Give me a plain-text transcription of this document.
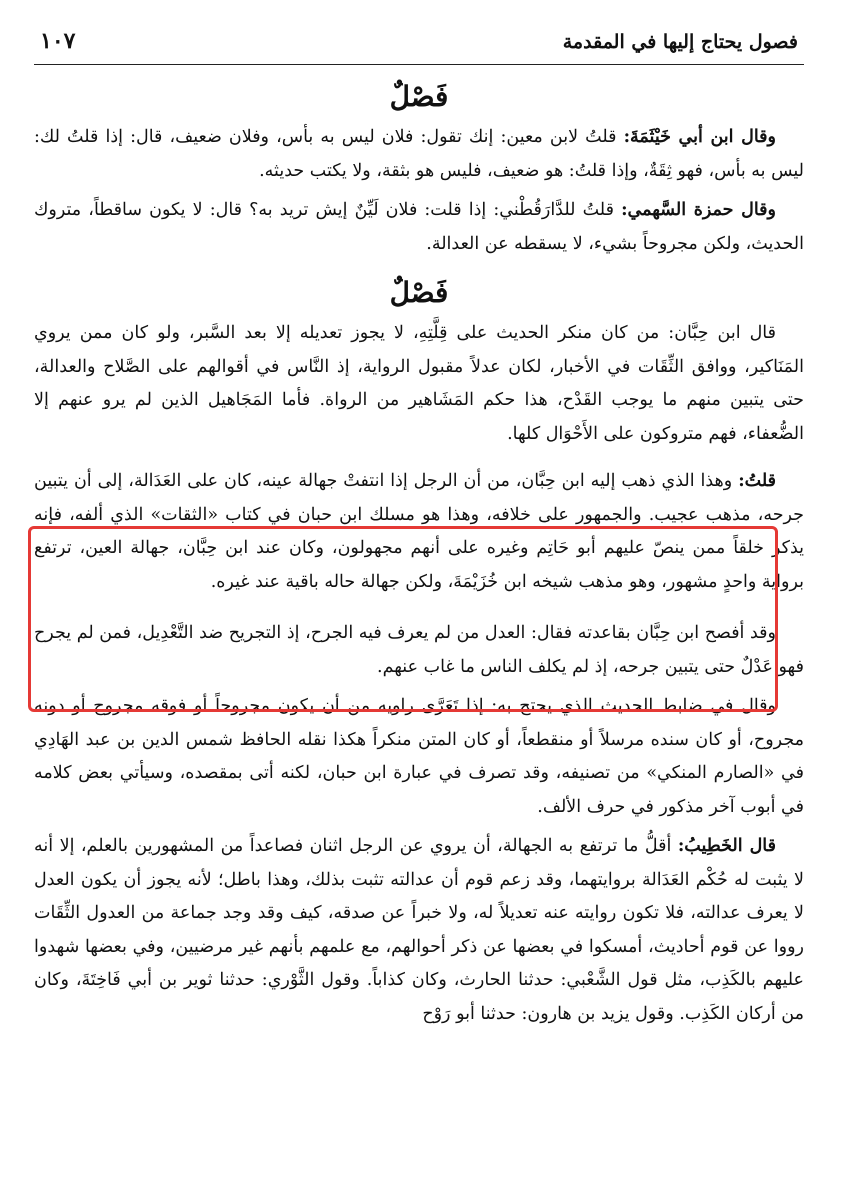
فصول يحتاج إليها في المقدمة
١٠٧
فَصْلٌ

وقال ابن أبي خَيْثَمَةَ: قلتُ لابن معين: إنك تقول: فلان ليس به بأس، وفلان ضعيف، قال: إذا قلتُ لك: ليس به بأس، فهو ثِقَةٌ، وإذا قلتُ: هو ضعيف، فليس هو بثقة، ولا يكتب حديثه.

وقال حمزة السَّهمي: قلتُ للدَّارَقُطْني: إذا قلت: فلان لَيِّنٌ إيش تريد به؟ قال: لا يكون ساقطاً، متروك الحديث، ولكن مجروحاً بشيء، لا يسقطه عن العدالة.

فَصْلٌ

قال ابن حِبَّان: من كان منكر الحديث على قِلَّتِهِ، لا يجوز تعديله إلا بعد السَّبر، ولو كان ممن يروي المَنَاكير، ووافق الثِّقَات في الأخبار، لكان عدلاً مقبول الرواية، إذ النَّاس في أقوالهم على الصَّلاح والعدالة، حتى يتبين منهم ما يوجب القَدْح، هذا حكم المَشَاهير من الرواة. فأما المَجَاهيل الذين لم يرو عنهم إلا الضُّعفاء، فهم متروكون على الأَحْوَال كلها.

قلتُ: وهذا الذي ذهب إليه ابن حِبَّان، من أن الرجل إذا انتفتْ جهالة عينه، كان على العَدَالة، إلى أن يتبين جرحه، مذهب عجيب. والجمهور على خلافه، وهذا هو مسلك ابن حبان في كتاب «الثقات» الذي ألفه، فإنه يذكر خلقاً ممن ينصّ عليهم أبو حَاتِم وغيره على أنهم مجهولون، وكان عند ابن حِبَّان، جهالة العين، ترتفع برواية واحدٍ مشهور، وهو مذهب شيخه ابن خُزَيْمَةَ، ولكن جهالة حاله باقية عند غيره.

وقد أفصح ابن حِبَّان بقاعدته فقال: العدل من لم يعرف فيه الجرح، إذ التجريح ضد التَّعْدِيل، فمن لم يجرح فهو عَدْلٌ حتى يتبين جرحه، إذ لم يكلف الناس ما غاب عنهم.

وقال في ضابط الحديث الذي يحتج به: إذا تَعَرَّى راويه من أن يكون مجروحاً أو فوقه مجروح أو دونه مجروح، أو كان سنده مرسلاً أو منقطعاً، أو كان المتن منكراً هكذا نقله الحافظ شمس الدين بن عبد الهَادِي في «الصارم المنكي» من تصنيفه، وقد تصرف في عبارة ابن حبان، لكنه أتى بمقصده، وسيأتي بعض كلامه في أبوب آخر مذكور في حرف الألف.

قال الخَطِيبُ: أقلُّ ما ترتفع به الجهالة، أن يروي عن الرجل اثنان فصاعداً من المشهورين بالعلم، إلا أنه لا يثبت له حُكْم العَدَالة بروايتهما، وقد زعم قوم أن عدالته تثبت بذلك، وهذا باطل؛ لأنه يجوز أن يكون العدل لا يعرف عدالته، فلا تكون روايته عنه تعديلاً له، ولا خبراً عن صدقه، كيف وقد وجد جماعة من العدول الثِّقَات رووا عن قوم أحاديث، أمسكوا في بعضها عن ذكر أحوالهم، مع علمهم بأنهم غير مرضيين، وفي بعضها شهدوا عليهم بالكَذِب، مثل قول الشَّعْبي: حدثنا الحارث، وكان كذاباً. وقول الثَّوْري: حدثنا ثوير بن أبي فَاخِتَةَ، وكان من أركان الكَذِب. وقول يزيد بن هارون: حدثنا أبو رَوْح
